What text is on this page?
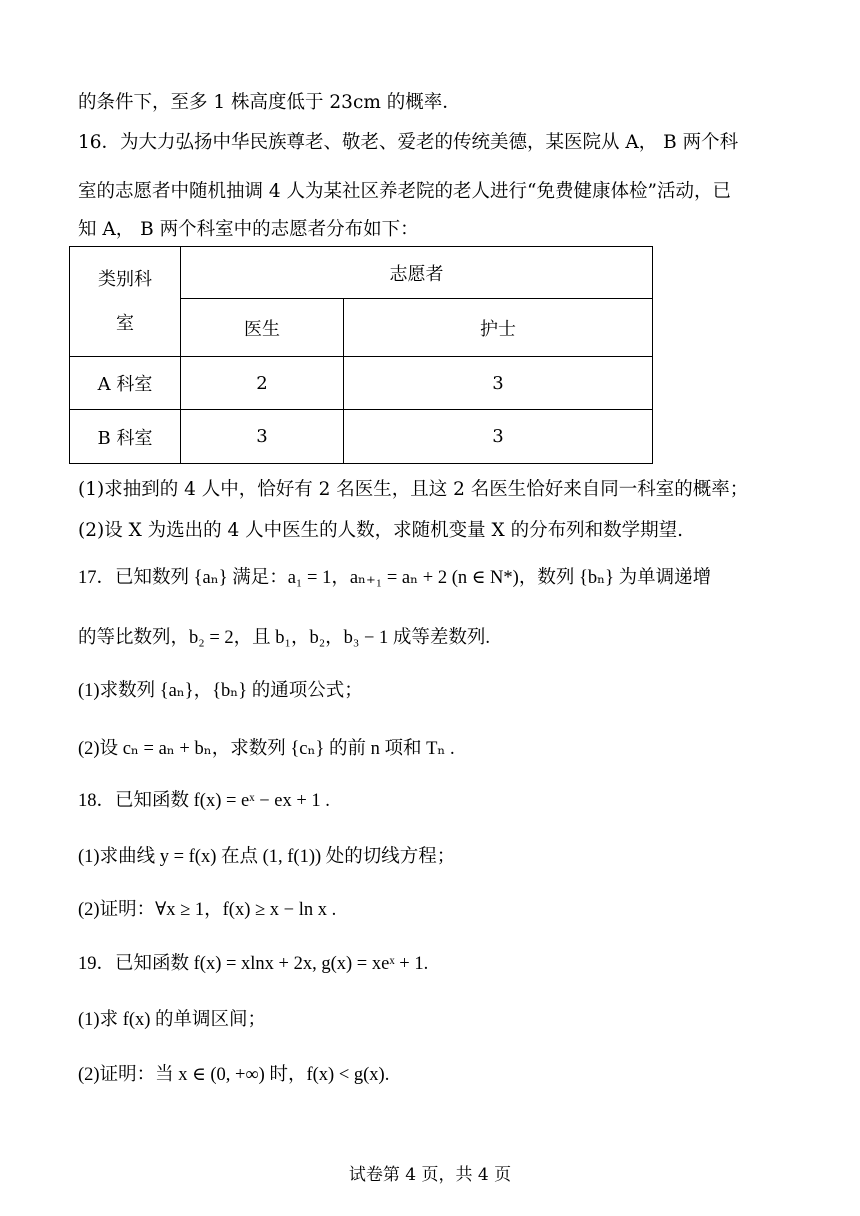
的条件下，至多 1 株高度低于 23cm 的概率．
16．为大力弘扬中华民族尊老、敬老、爱老的传统美德，某医院从 A， B 两个科
室的志愿者中随机抽调 4 人为某社区养老院的老人进行“免费健康体检”活动，已
知 A， B 两个科室中的志愿者分布如下：
类别科
室	志愿者	
	医生	护士
A 科室	2	3
B 科室	3	3
(1)求抽到的 4 人中，恰好有 2 名医生，且这 2 名医生恰好来自同一科室的概率；
(2)设 X 为选出的 4 人中医生的人数，求随机变量 X 的分布列和数学期望.
17．已知数列 {aₙ} 满足：a₁ = 1，aₙ₊₁ = aₙ + 2 (n ∈ N*)，数列 {bₙ} 为单调递增
的等比数列，b₂ = 2，且 b₁，b₂，b₃ − 1 成等差数列.
(1)求数列 {aₙ}，{bₙ} 的通项公式；
(2)设 cₙ = aₙ + bₙ，求数列 {cₙ} 的前 n 项和 Tₙ .
18．已知函数 f(x) = eˣ − ex + 1 .
(1)求曲线 y = f(x) 在点 (1, f(1)) 处的切线方程；
(2)证明：∀x ≥ 1，f(x) ≥ x − ln x .
19．已知函数 f(x) = xlnx + 2x, g(x) = xeˣ + 1.
(1)求 f(x) 的单调区间；
(2)证明：当 x ∈ (0, +∞) 时，f(x) < g(x).
试卷第 4 页，共 4 页
